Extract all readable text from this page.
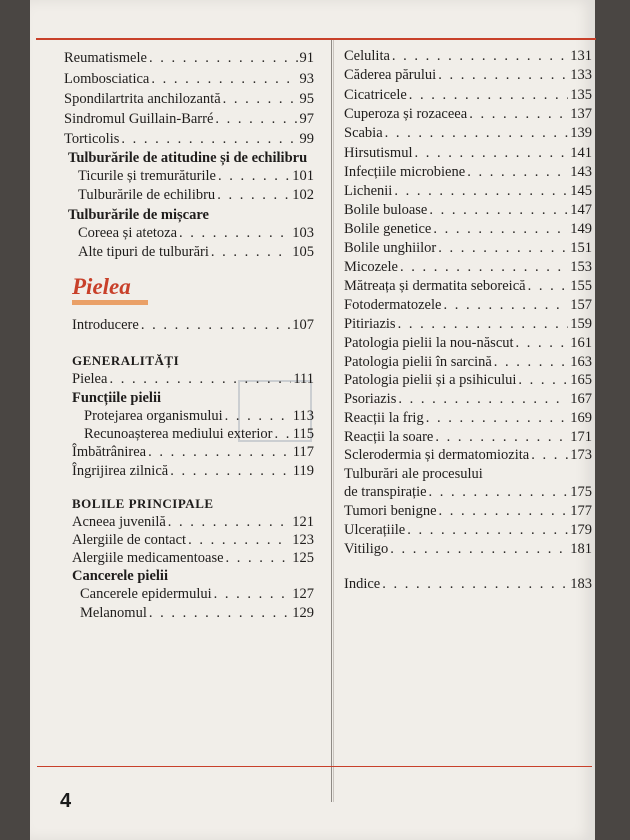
Reumatismele . . .	91
Lombosciatica . . .	93
Spondilartrita anchilozantă . . .	95
Sindromul Guillain-Barré . . .	97
Torticolis . . .	99
Tulburările de atitudine și de echilibru
Ticurile și tremurăturile . . .	101
Tulburările de echilibru . . .	102
Tulburările de mișcare
Coreea și atetoza . . .	103
Alte tipuri de tulburări . . .	105
Pielea
Introducere . . .	107
GENERALITĂȚI
Pielea . . .	111
Funcțiile pielii
Protejarea organismului . . .	113
Recunoașterea mediului exterior . . . 115
Îmbătrânirea . . .	117
Îngrijirea zilnică . . .	119
BOLILE PRINCIPALE
Acneea juvenilă . . .	121
Alergiile de contact . . .	123
Alergiile medicamentoase . . .	125
Cancerele pielii
Cancerele epidermului . . .	127
Melanomul . . .	129
Celulita . . .	131
Căderea părului . . .	133
Cicatricele . . .	135
Cuperoza și rozaceea . . .	137
Scabia . . .	139
Hirsutismul . . .	141
Infecțiile microbiene . . .	143
Lichenii . . .	145
Bolile buloase . . .	147
Bolile genetice . . .	149
Bolile unghiilor . . .	151
Micozele . . .	153
Mătreața și dermatita seboreică . . .	155
Fotodermatozele . . .	157
Pitiriazis . . .	159
Patologia pielii la nou-născut . . .	161
Patologia pielii în sarcină . . .	163
Patologia pielii și a psihicului . . .	165
Psoriazis . . .	167
Reacții la frig . . .	169
Reacții la soare . . .	171
Sclerodermia și dermatomiozita . . .	173
Tulburări ale procesului
de transpirație . . .	175
Tumori benigne . . .	177
Ulcerațiile . . .	179
Vitiligo . . .	181
Indice . . .	183
4
